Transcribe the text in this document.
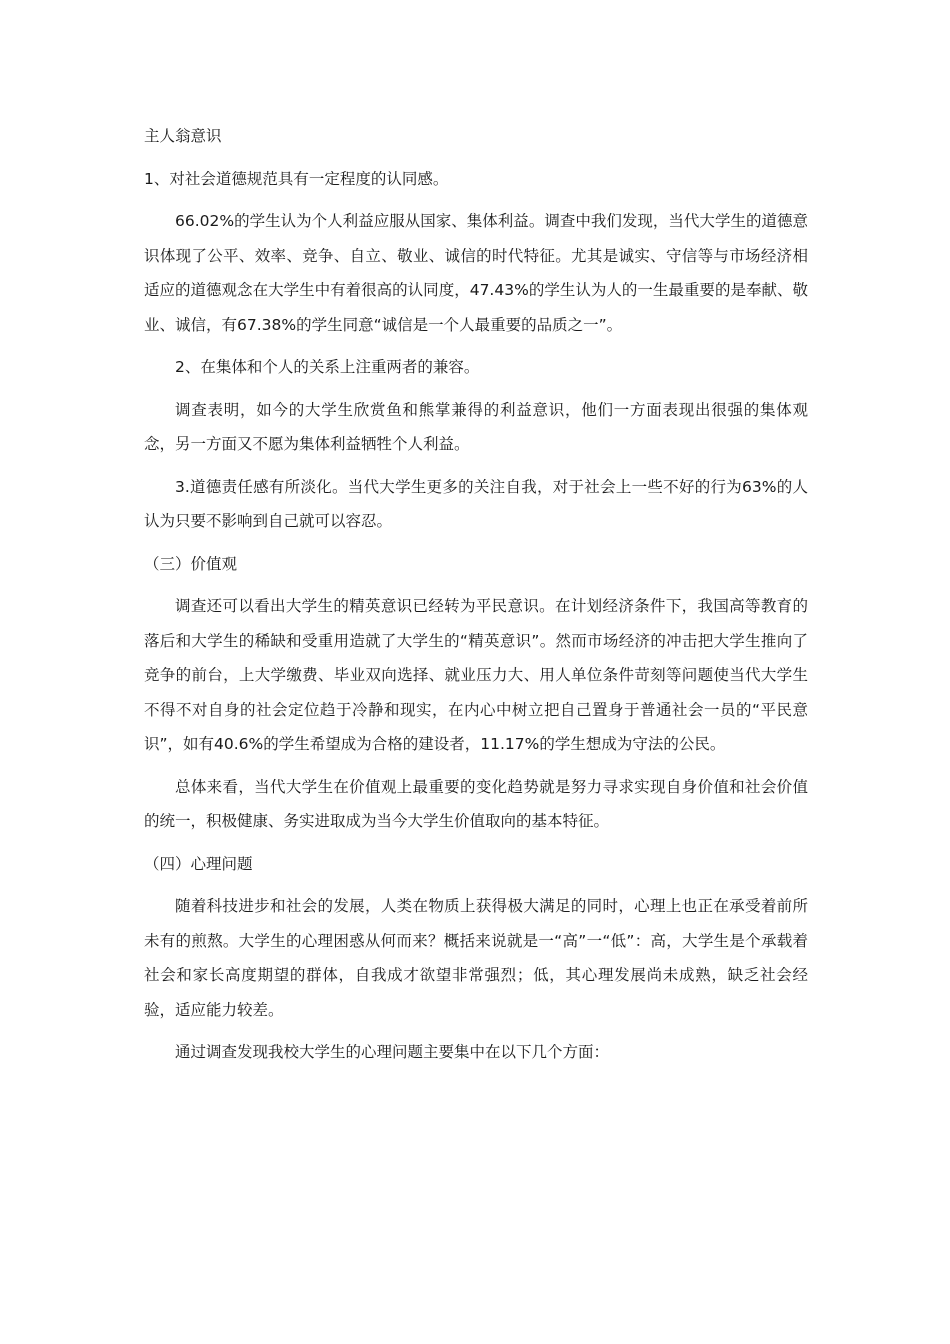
主人翁意识

1、对社会道德规范具有一定程度的认同感。

66.02%的学生认为个人利益应服从国家、集体利益。调查中我们发现，当代大学生的道德意识体现了公平、效率、竞争、自立、敬业、诚信的时代特征。尤其是诚实、守信等与市场经济相适应的道德观念在大学生中有着很高的认同度，47.43%的学生认为人的一生最重要的是奉献、敬业、诚信，有67.38%的学生同意“诚信是一个人最重要的品质之一”。

2、在集体和个人的关系上注重两者的兼容。

调查表明，如今的大学生欣赏鱼和熊掌兼得的利益意识，他们一方面表现出很强的集体观念，另一方面又不愿为集体利益牺牲个人利益。

3.道德责任感有所淡化。当代大学生更多的关注自我，对于社会上一些不好的行为63%的人认为只要不影响到自己就可以容忍。

（三）价值观

调查还可以看出大学生的精英意识已经转为平民意识。在计划经济条件下，我国高等教育的落后和大学生的稀缺和受重用造就了大学生的“精英意识”。然而市场经济的冲击把大学生推向了竞争的前台，上大学缴费、毕业双向选择、就业压力大、用人单位条件苛刻等问题使当代大学生不得不对自身的社会定位趋于冷静和现实，在内心中树立把自己置身于普通社会一员的“平民意识”，如有40.6%的学生希望成为合格的建设者，11.17%的学生想成为守法的公民。

总体来看，当代大学生在价值观上最重要的变化趋势就是努力寻求实现自身价值和社会价值的统一，积极健康、务实进取成为当今大学生价值取向的基本特征。

（四）心理问题

随着科技进步和社会的发展，人类在物质上获得极大满足的同时，心理上也正在承受着前所未有的煎熬。大学生的心理困惑从何而来？概括来说就是一“高”一“低”：高，大学生是个承载着社会和家长高度期望的群体，自我成才欲望非常强烈；低，其心理发展尚未成熟，缺乏社会经验，适应能力较差。

通过调查发现我校大学生的心理问题主要集中在以下几个方面：
